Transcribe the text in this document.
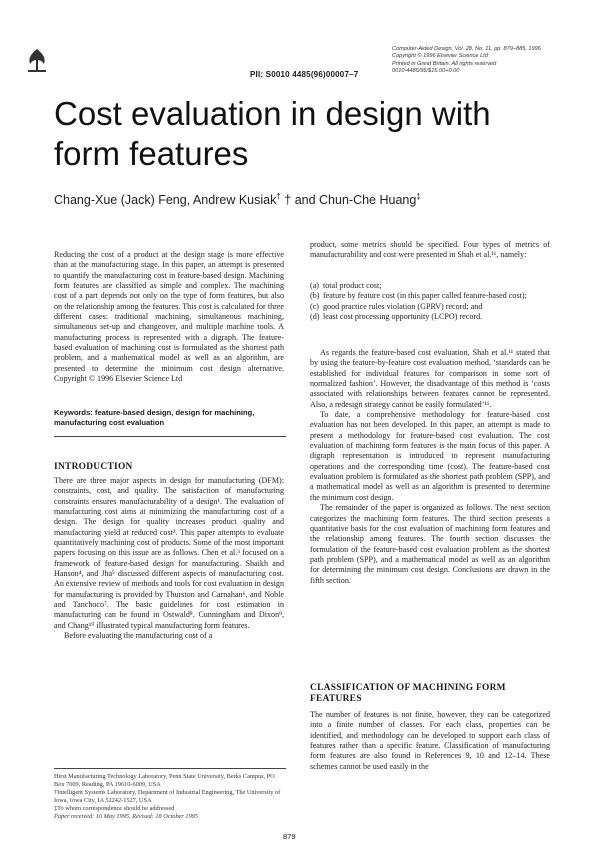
PII: S0010 4485(96)00007–7
Computer-Aided Design, Vol. 28, No. 11, pp. 879–885, 1996
Copyright © 1996 Elsevier Science Ltd
Printed in Great Britain. All rights reserved
0010-4485/96/$15.00+0.00
Cost evaluation in design with form features
Chang-Xue (Jack) Feng, Andrew Kusiak† † and Chun-Che Huang‡

Reducing the cost of a product at the design stage is more effective than at the manufacturing stage. In this paper, an attempt is presented to quantify the manufacturing cost in feature-based design. Machining form features are classified as simple and complex. The machining cost of a part depends not only on the type of form features, but also on the relationship among the features. This cost is calculated for three different cases: traditional machining, simultaneous machining, simultaneous set-up and changeover, and multiple machine tools. A manufacturing process is represented with a digraph. The feature-based evaluation of machining cost is formulated as the shortest path problem, and a mathematical model as well as an algorithm, are presented to determine the minimum cost design alternative. Copyright © 1996 Elsevier Science Ltd

Keywords: feature-based design, design for machining, manufacturing cost evaluation
INTRODUCTION

There are three major aspects in design for manufacturing (DFM): constraints, cost, and quality. The satisfaction of manufacturing constraints ensures manufacturability of a design¹. The evaluation of manufacturing cost aims at minimizing the manufacturing cost of a design. The design for quality increases product quality and manufacturing yield at reduced cost². This paper attempts to evaluate quantitatively machining cost of products. Some of the most important papers focusing on this issue are as follows. Chen et al.³ focused on a framework of feature-based design for manufacturing. Shaikh and Hanson⁴, and Jha⁵ discussed different aspects of manufacturing cost. An extensive review of methods and tools for cost evaluation in design for manufacturing is provided by Thurston and Carnahan⁶, and Noble and Tanchoco⁷. The basic guidelines for cost estimation in manufacturing can be found in Ostwald⁸. Cunningham and Dixon⁹, and Chang¹⁰ illustrated typical manufacturing form features.

Before evaluating the manufacturing cost of a

Hirst Manufacturing Technology Laboratory, Penn State University, Berks Campus, PO Box 7009, Reading, PA 19610-6009, USA
†Intelligent Systems Laboratory, Department of Industrial Engineering, The University of Iowa, Iowa City, IA 52242-1527, USA
‡To whom correspondence should be addressed
Paper received: 10 May 1995. Revised: 18 October 1995

product, some metrics should be specified. Four types of metrics of manufacturability and cost were presented in Shah et al.¹¹, namely:

(a) total product cost;
(b) feature by feature cost (in this paper called feature-based cost);
(c) good practice rules violation (GPRV) record; and
(d) least cost processing opportunity (LCPO) record.

As regards the feature-based cost evaluation, Shah et al.¹¹ stated that by using the feature-by-feature cost evaluation method, ‘standards can be established for individual features for comparison in some sort of normalized fashion’. However, the disadvantage of this method is ‘costs associated with relationships between features cannot be represented. Also, a redesign strategy cannot be easily formulated’¹¹.

To date, a comprehensive methodology for feature-based cost evaluation has not been developed. In this paper, an attempt is made to present a methodology for feature-based cost evaluation. The cost evaluation of machining form features is the main focus of this paper. A digraph representation is introduced to represent manufacturing operations and the corresponding time (cost). The feature-based cost evaluation problem is formulated as the shortest path problem (SPP), and a mathematical model as well as an algorithm is presented to determine the minimum cost design.

The remainder of the paper is organized as follows. The next section categorizes the machining form features. The third section presents a quantitative basis for the cost evaluation of machining form features and the relationship among features. The fourth section discusses the formulation of the feature-based cost evaluation problem as the shortest path problem (SPP), and a mathematical model as well as an algorithm for determining the minimum cost design. Conclusions are drawn in the fifth section.

CLASSIFICATION OF MACHINING FORM FEATURES

The number of features is not finite, however, they can be categorized into a finite number of classes. For each class, properties can be identified, and methodology can be developed to support each class of features rather than a specific feature. Classification of manufacturing form features are also found in References 9, 10 and 12–14. These schemes cannot be used easily in the

879
